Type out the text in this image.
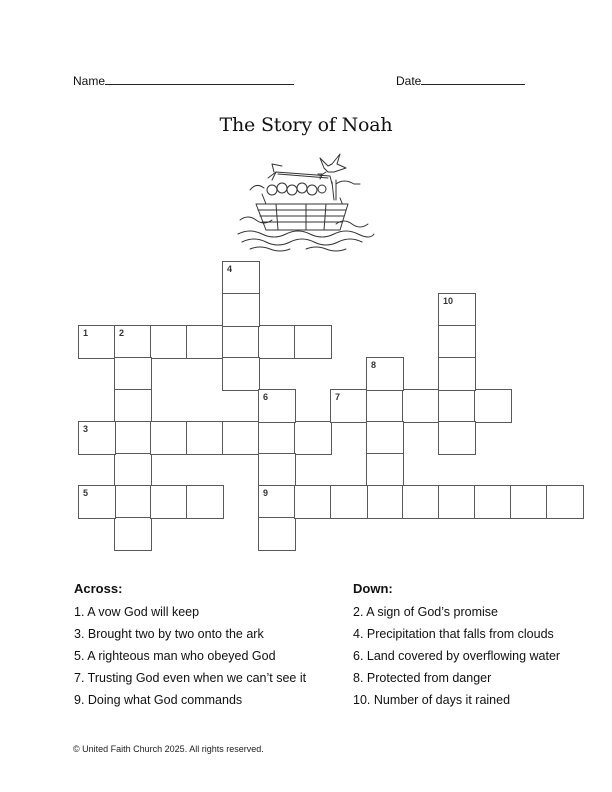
Name	Date
The Story of Noah
1	2
3
4
5
6
9
7
8
10
Across:
1. A vow God will keep
3. Brought two by two onto the ark
5. A righteous man who obeyed God
7. Trusting God even when we can’t see it
9. Doing what God commands
Down:
2. A sign of God’s promise
4. Precipitation that falls from clouds
6. Land covered by overflowing water
8. Protected from danger
10. Number of days it rained
© United Faith Church 2025. All rights reserved.
